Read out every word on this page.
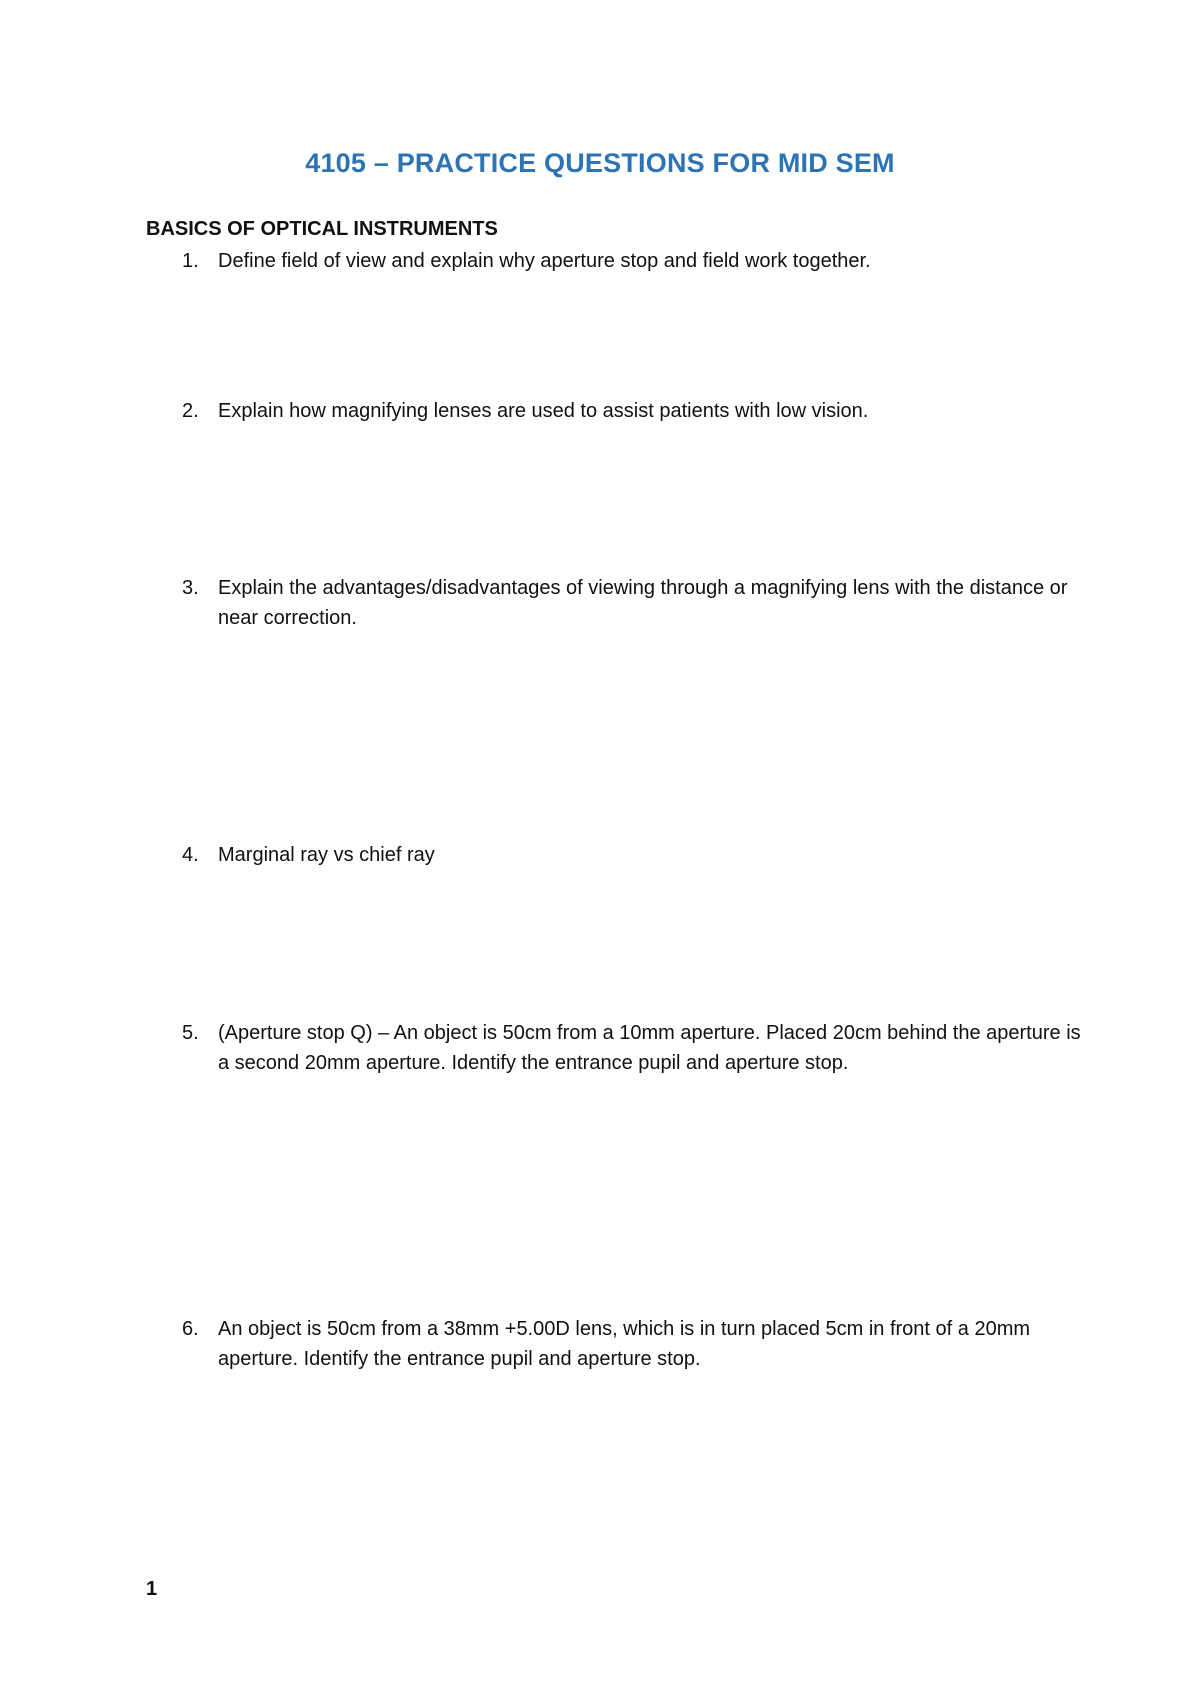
4105 – PRACTICE QUESTIONS FOR MID SEM
BASICS OF OPTICAL INSTRUMENTS
1. Define field of view and explain why aperture stop and field work together.
2. Explain how magnifying lenses are used to assist patients with low vision.
3. Explain the advantages/disadvantages of viewing through a magnifying lens with the distance or near correction.
4. Marginal ray vs chief ray
5. (Aperture stop Q) – An object is 50cm from a 10mm aperture. Placed 20cm behind the aperture is a second 20mm aperture. Identify the entrance pupil and aperture stop.
6. An object is 50cm from a 38mm +5.00D lens, which is in turn placed 5cm in front of a 20mm aperture. Identify the entrance pupil and aperture stop.
1
